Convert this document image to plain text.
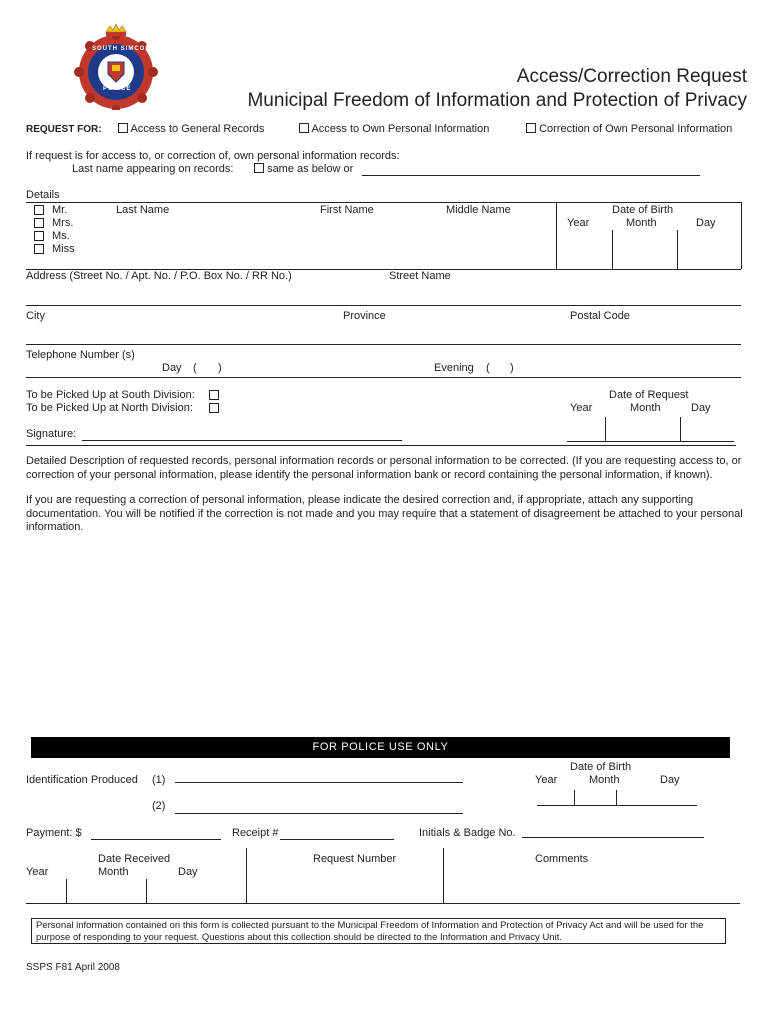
SOUTH SIMCOE
POLICE
Access/Correction Request
Municipal Freedom of Information and Protection of Privacy
REQUEST FOR:	Access to General Records	Access to Own Personal Information	Correction of Own Personal Information
If request is for access to, or correction of, own personal information records:
Last name appearing on records:	same as below or
Details
Mr.
Mrs.
Ms.
Miss
Last Name	First Name	Middle Name	Date of Birth
Year	Month	Day
Address (Street No. / Apt. No. / P.O. Box No. / RR No.)	Street Name
City	Province	Postal Code
Telephone Number (s)
Day ( )	Evening ( )
To be Picked Up at South Division:
To be Picked Up at North Division:
Date of Request
Year	Month	Day
Signature:
Detailed Description of requested records, personal information records or personal information to be corrected. (If you are requesting access to, or correction of your personal information, please identify the personal information bank or record containing the personal information, if known).
If you are requesting a correction of personal information, please indicate the desired correction and, if appropriate, attach any supporting documentation. You will be notified if the correction is not made and you may require that a statement of disagreement be attached to your personal information.
FOR POLICE USE ONLY
Identification Produced (1)
(2)
Date of Birth
Year	Month	Day
Payment: $	Receipt #	Initials & Badge No.
Date Received
Year	Month	Day
Request Number	Comments
Personal information contained on this form is collected pursuant to the Municipal Freedom of Information and Protection of Privacy Act and will be used for the purpose of responding to your request. Questions about this collection should be directed to the Information and Privacy Unit.
SSPS F81 April 2008
